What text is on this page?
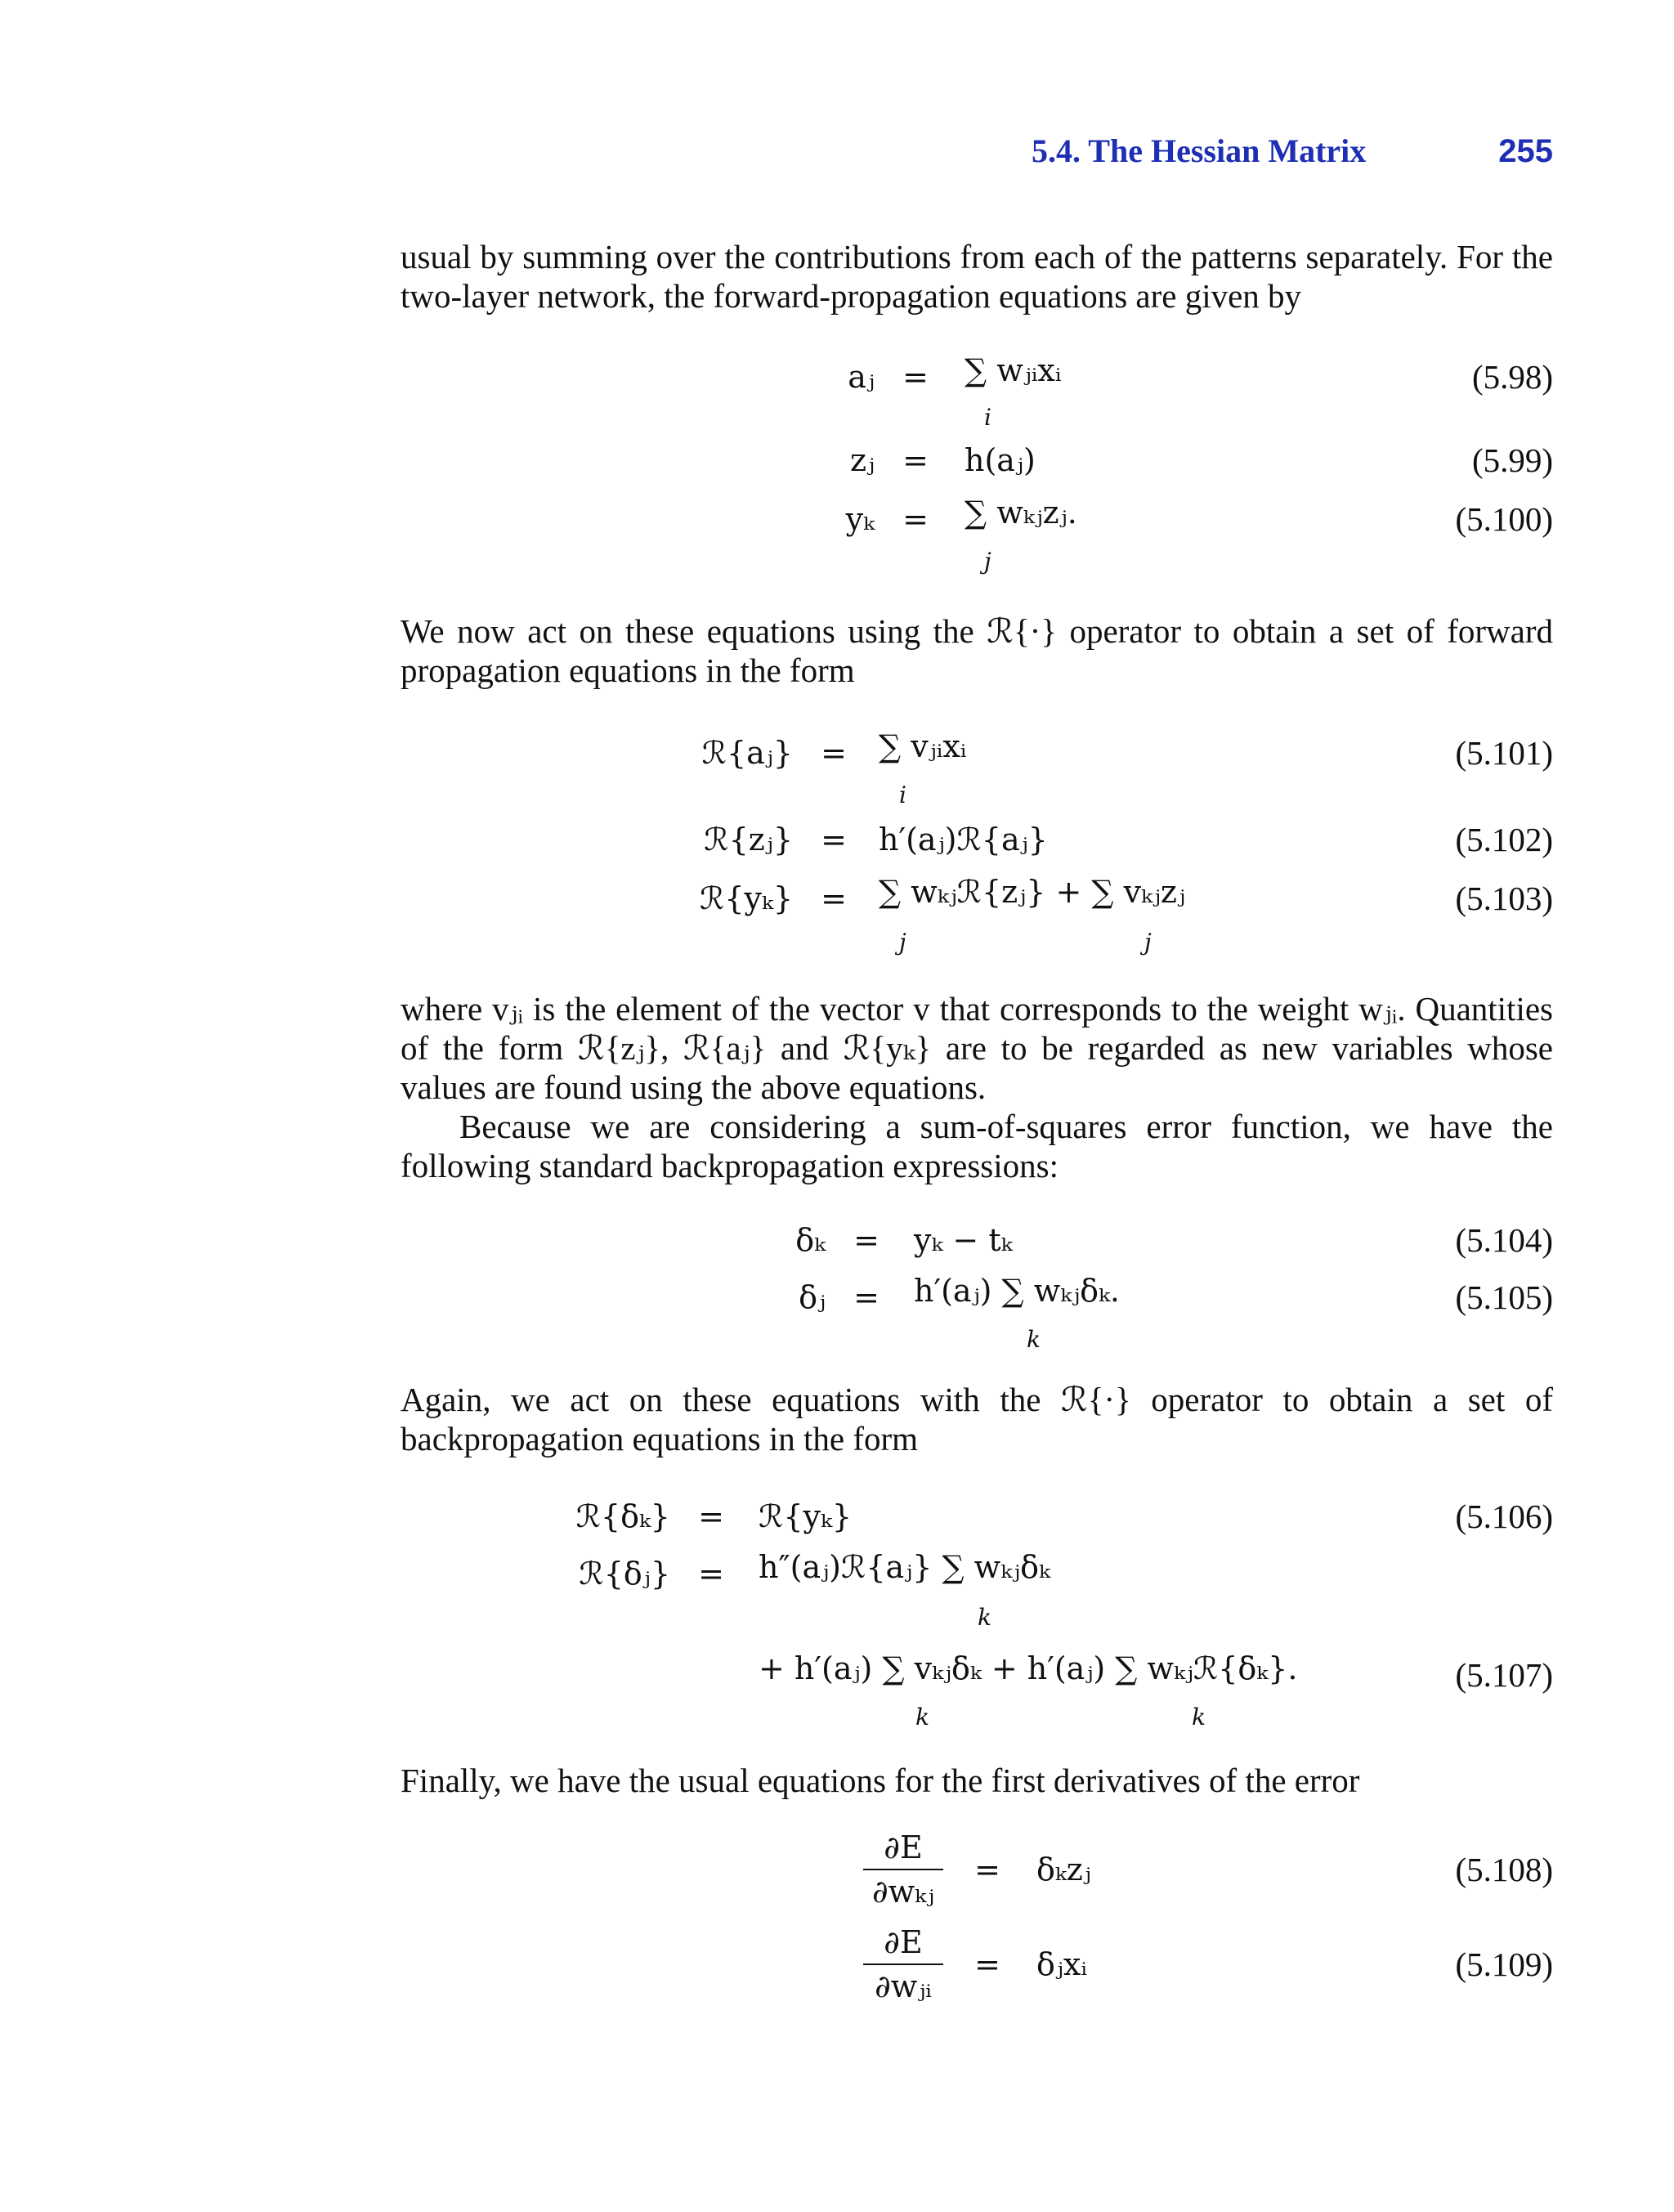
5.4. The Hessian Matrix	255
usual by summing over the contributions from each of the patterns separately. For the two-layer network, the forward-propagation equations are given by
aⱼ = ∑ wⱼᵢxᵢ
i
(5.98)
zⱼ = h(aⱼ)	(5.99)
yₖ = ∑ wₖⱼzⱼ.
j
(5.100)
We now act on these equations using the ℛ{·} operator to obtain a set of forward propagation equations in the form
ℛ{aⱼ} = ∑ vⱼᵢxᵢ
i
(5.101)
ℛ{zⱼ} = h′(aⱼ)ℛ{aⱼ}	(5.102)
ℛ{yₖ} = ∑ wₖⱼℛ{zⱼ} + ∑ vₖⱼzⱼ
j	j
(5.103)
where vⱼᵢ is the element of the vector v that corresponds to the weight wⱼᵢ. Quantities of the form ℛ{zⱼ}, ℛ{aⱼ} and ℛ{yₖ} are to be regarded as new variables whose values are found using the above equations.
Because we are considering a sum-of-squares error function, we have the following standard backpropagation expressions:
δₖ = yₖ − tₖ	(5.104)
δⱼ = h′(aⱼ) ∑ wₖⱼδₖ.
k
(5.105)
Again, we act on these equations with the ℛ{·} operator to obtain a set of backpropagation equations in the form
ℛ{δₖ} = ℛ{yₖ}	(5.106)
ℛ{δⱼ} = h″(aⱼ)ℛ{aⱼ} ∑ wₖⱼδₖ
k
+ h′(aⱼ) ∑ vₖⱼδₖ + h′(aⱼ) ∑ wₖⱼℛ{δₖ}.
k	k
(5.107)
Finally, we have the usual equations for the first derivatives of the error
∂E
∂wₖⱼ
= δₖzⱼ	(5.108)
∂E
∂wⱼᵢ
= δⱼxᵢ	(5.109)
